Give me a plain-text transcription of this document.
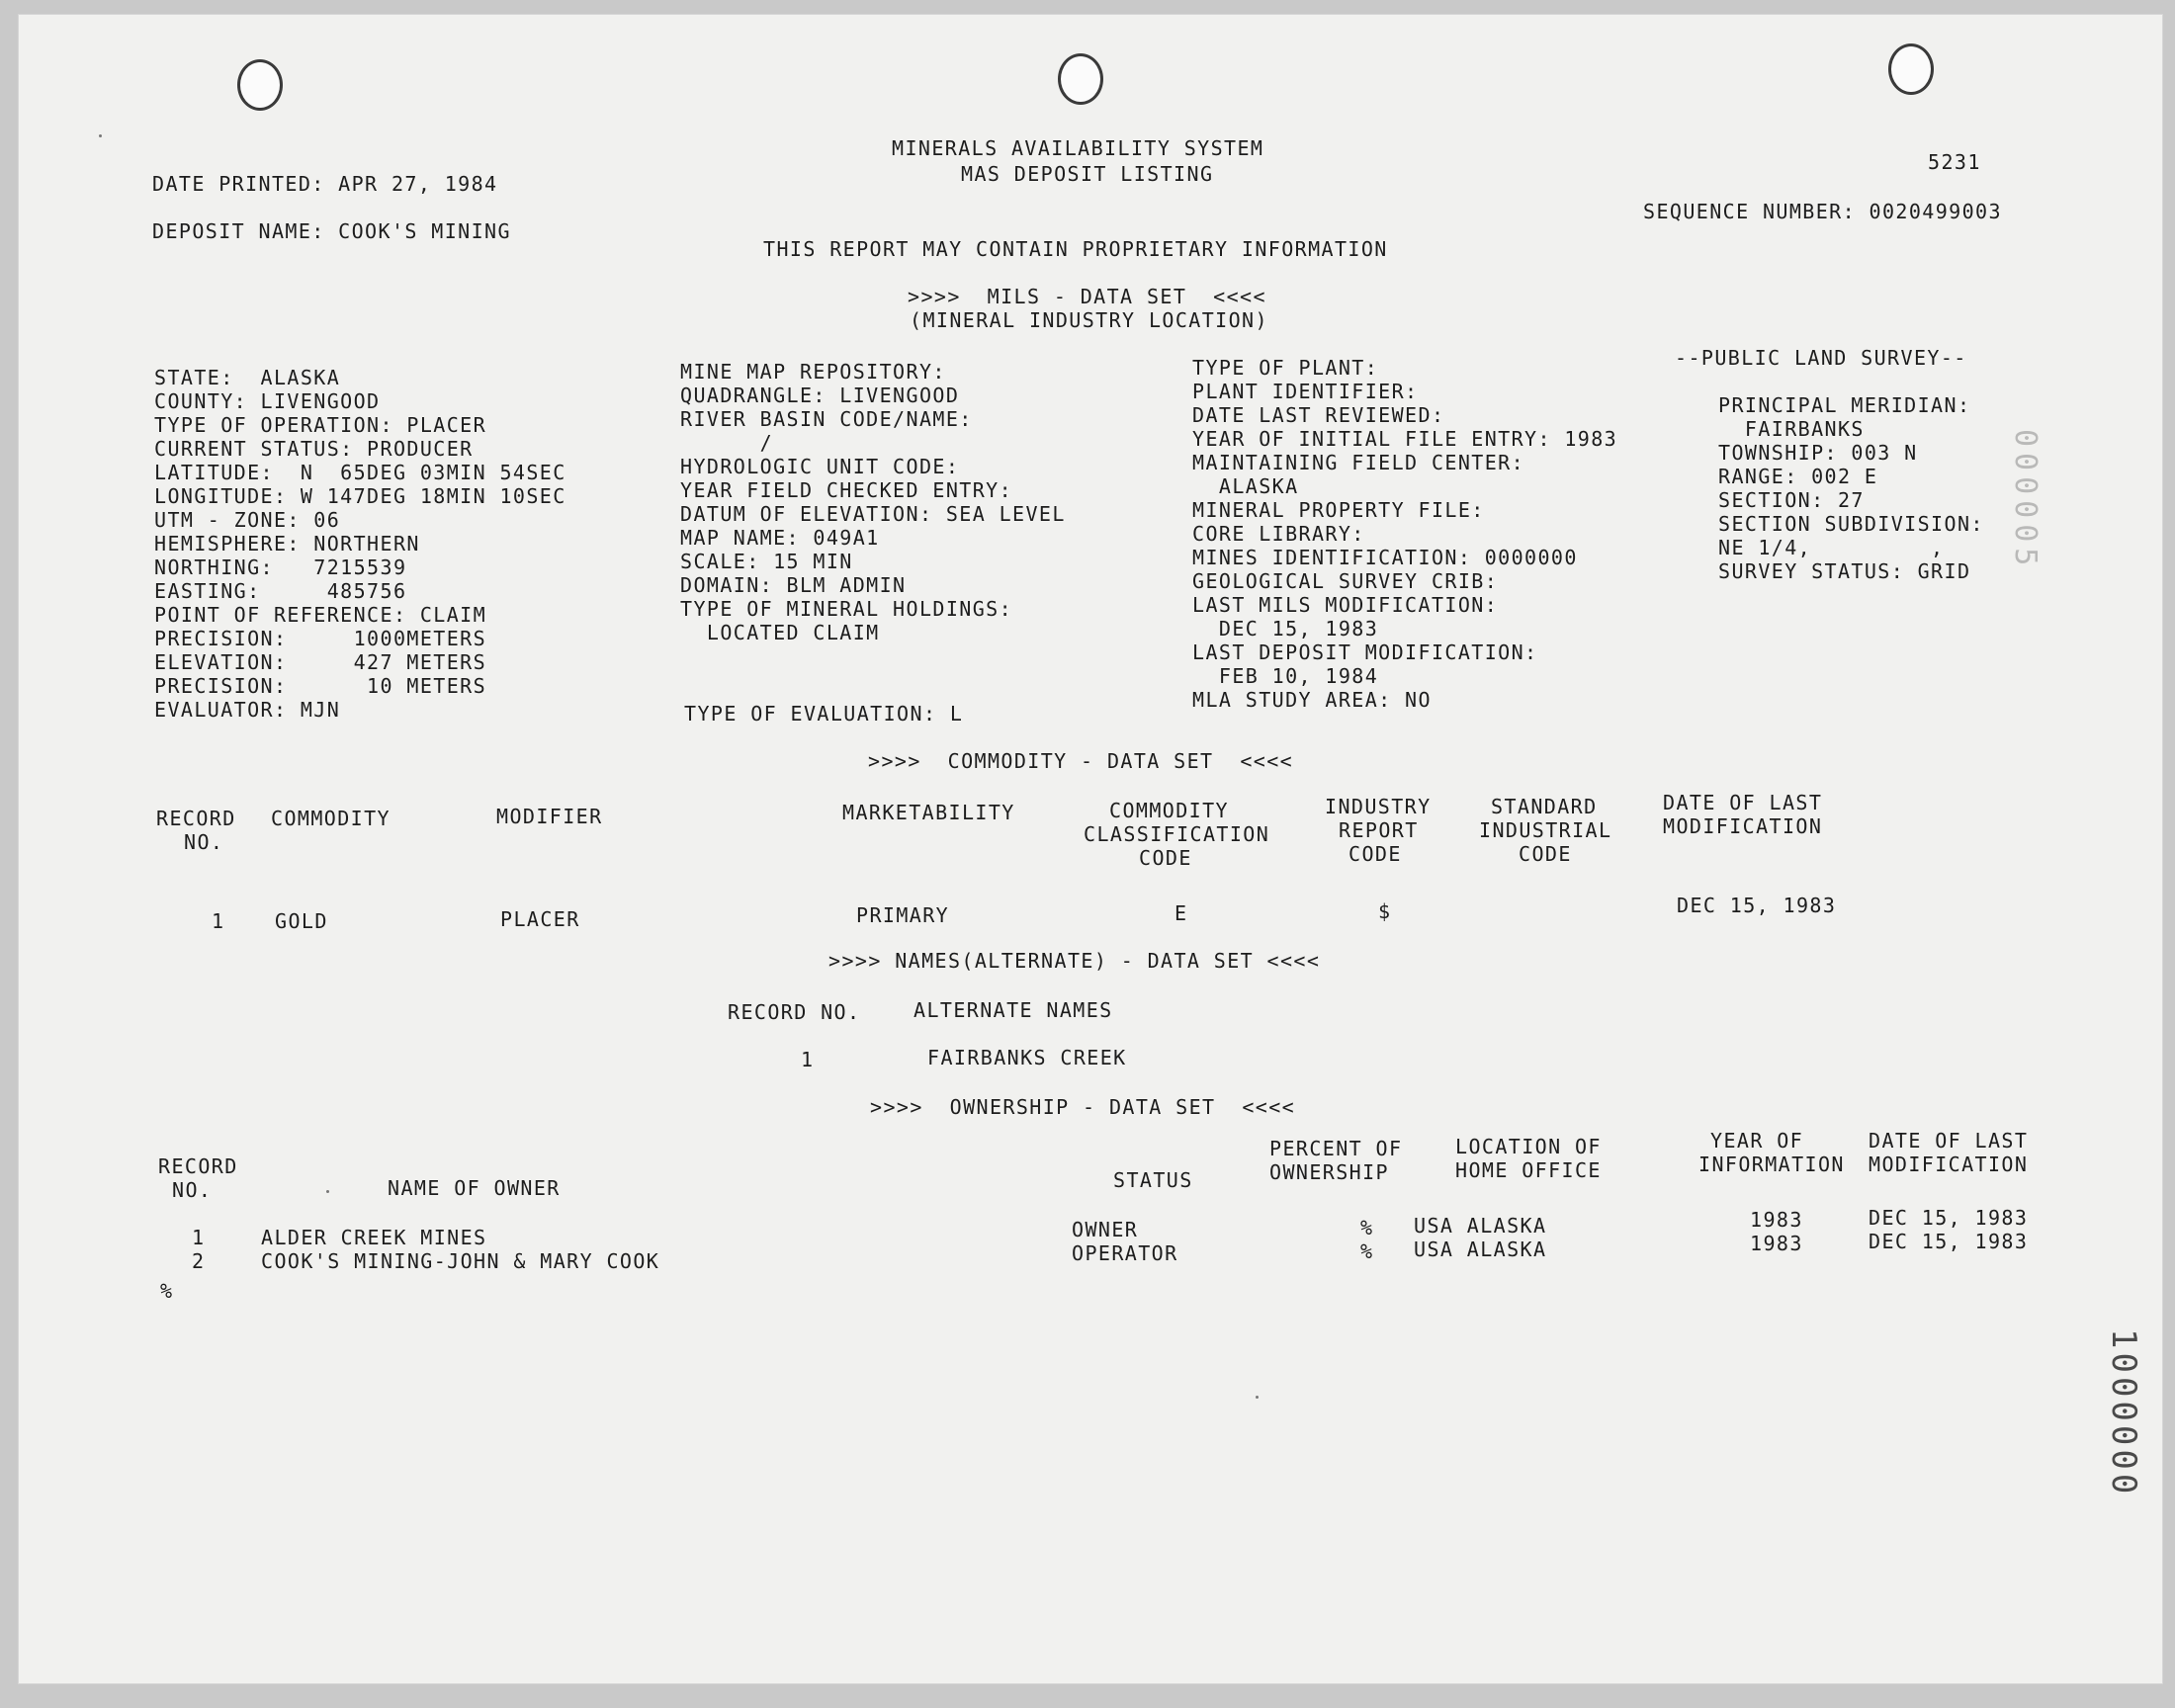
MINERALS AVAILABILITY SYSTEM
MAS DEPOSIT LISTING	5231
DATE PRINTED: APR 27, 1984
DEPOSIT NAME: COOK'S MINING
SEQUENCE NUMBER: 0020499003
THIS REPORT MAY CONTAIN PROPRIETARY INFORMATION
>>>>  MILS - DATA SET  <<<<
(MINERAL INDUSTRY LOCATION)
STATE:  ALASKA
COUNTY: LIVENGOOD
TYPE OF OPERATION: PLACER
CURRENT STATUS: PRODUCER
LATITUDE:  N  65DEG 03MIN 54SEC
LONGITUDE: W 147DEG 18MIN 10SEC
UTM - ZONE: 06
HEMISPHERE: NORTHERN
NORTHING:   7215539
EASTING:     485756
POINT OF REFERENCE: CLAIM
PRECISION:     1000METERS
ELEVATION:     427 METERS
PRECISION:      10 METERS
EVALUATOR: MJN
MINE MAP REPOSITORY:
QUADRANGLE: LIVENGOOD
RIVER BASIN CODE/NAME:
/
HYDROLOGIC UNIT CODE:
YEAR FIELD CHECKED ENTRY:
DATUM OF ELEVATION: SEA LEVEL
MAP NAME: 049A1
SCALE: 15 MIN
DOMAIN: BLM ADMIN
TYPE OF MINERAL HOLDINGS:
LOCATED CLAIM
TYPE OF EVALUATION: L
TYPE OF PLANT:
PLANT IDENTIFIER:
DATE LAST REVIEWED:
YEAR OF INITIAL FILE ENTRY: 1983
MAINTAINING FIELD CENTER:
ALASKA
MINERAL PROPERTY FILE:
CORE LIBRARY:
MINES IDENTIFICATION: 0000000
GEOLOGICAL SURVEY CRIB:
LAST MILS MODIFICATION:
DEC 15, 1983
LAST DEPOSIT MODIFICATION:
FEB 10, 1984
MLA STUDY AREA: NO
--PUBLIC LAND SURVEY--
PRINCIPAL MERIDIAN:
FAIRBANKS
TOWNSHIP: 003 N
RANGE: 002 E
SECTION: 27
SECTION SUBDIVISION:
NE 1/4,         ,
SURVEY STATUS: GRID
>>>>  COMMODITY - DATA SET  <<<<
RECORD
NO.
COMMODITY	MODIFIER	MARKETABILITY	COMMODITY
CLASSIFICATION
CODE
INDUSTRY
REPORT
CODE
STANDARD
INDUSTRIAL
CODE
DATE OF LAST
MODIFICATION
1	GOLD	PLACER	PRIMARY	E	$	DEC 15, 1983
>>>> NAMES(ALTERNATE) - DATA SET <<<<
RECORD NO.	ALTERNATE NAMES
1	FAIRBANKS CREEK
>>>>  OWNERSHIP - DATA SET  <<<<
RECORD
NO.	NAME OF OWNER	STATUS
PERCENT OF
OWNERSHIP
LOCATION OF
HOME OFFICE
YEAR OF
INFORMATION
DATE OF LAST
MODIFICATION
1	ALDER CREEK MINES	OWNER	% USA ALASKA	1983	DEC 15, 1983
2	COOK'S MINING-JOHN & MARY COOK	OPERATOR	% USA ALASKA	1983	DEC 15, 1983
%
000005
1000000
